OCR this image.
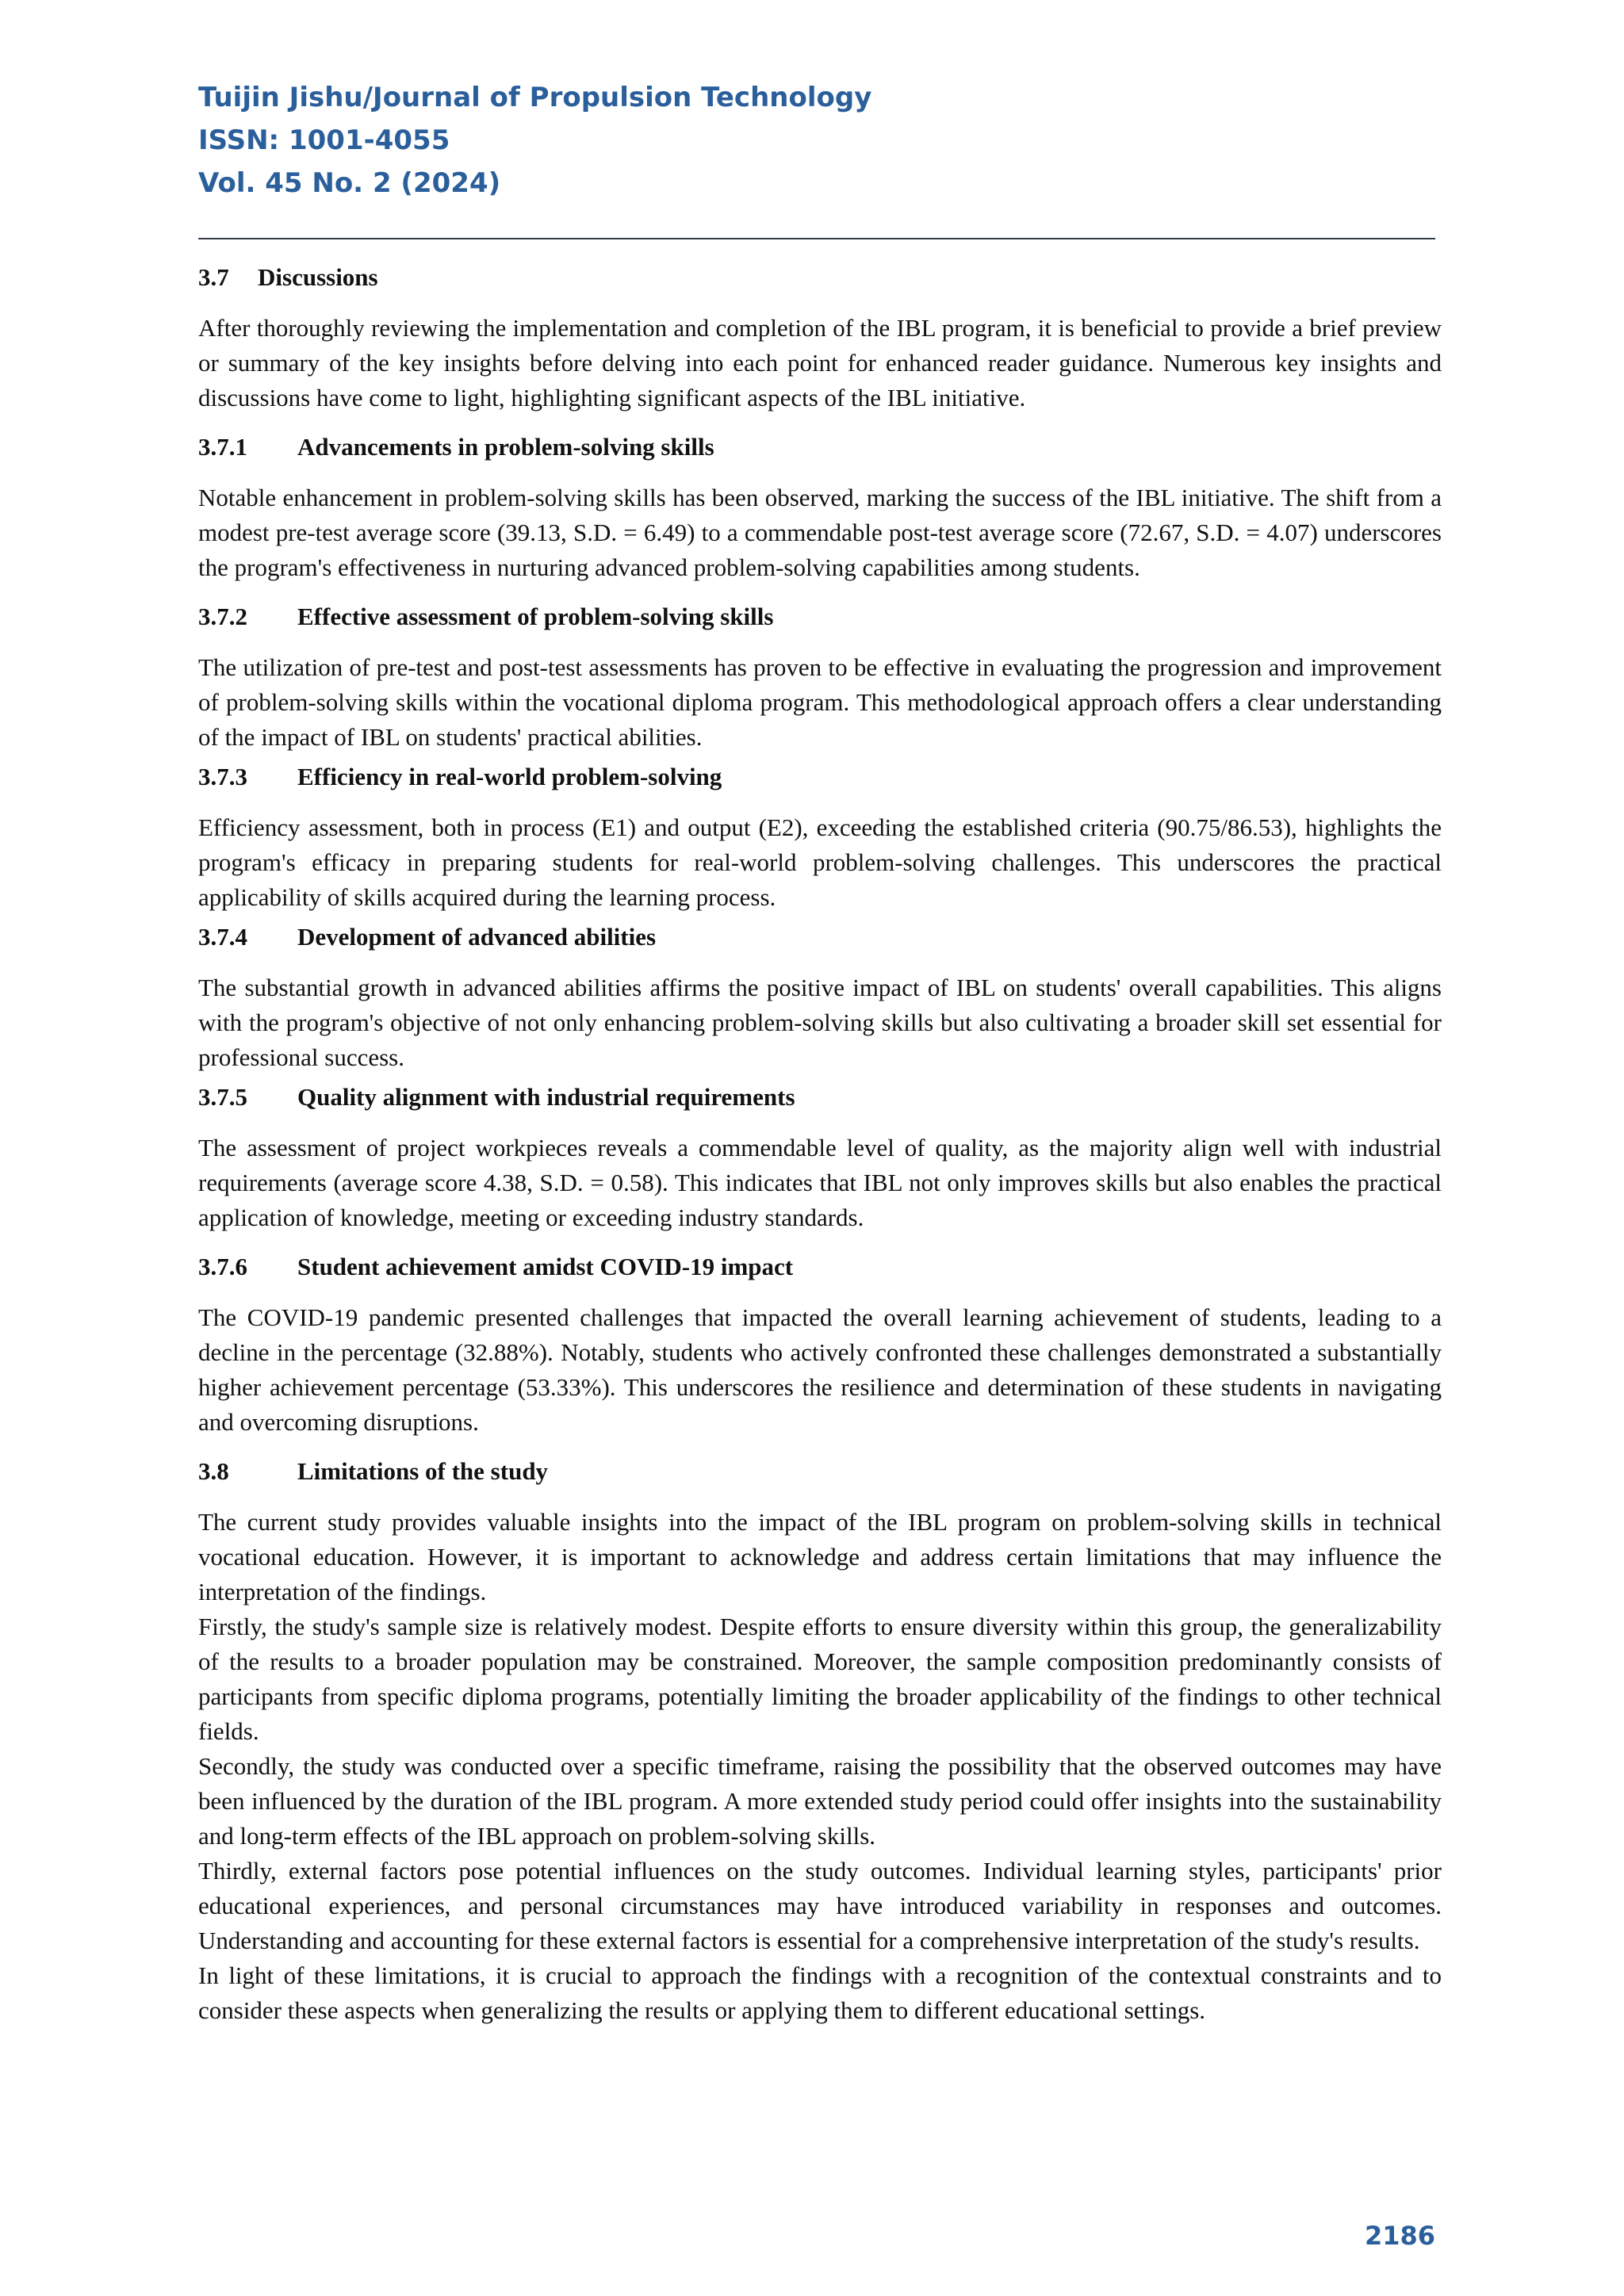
Tuijin Jishu/Journal of Propulsion Technology
ISSN: 1001-4055
Vol. 45 No. 2 (2024)
3.7 Discussions

After thoroughly reviewing the implementation and completion of the IBL program, it is beneficial to provide a brief preview or summary of the key insights before delving into each point for enhanced reader guidance. Numerous key insights and discussions have come to light, highlighting significant aspects of the IBL initiative.

3.7.1 Advancements in problem-solving skills

Notable enhancement in problem-solving skills has been observed, marking the success of the IBL initiative. The shift from a modest pre-test average score (39.13, S.D. = 6.49) to a commendable post-test average score (72.67, S.D. = 4.07) underscores the program's effectiveness in nurturing advanced problem-solving capabilities among students.

3.7.2 Effective assessment of problem-solving skills

The utilization of pre-test and post-test assessments has proven to be effective in evaluating the progression and improvement of problem-solving skills within the vocational diploma program. This methodological approach offers a clear understanding of the impact of IBL on students' practical abilities.

3.7.3 Efficiency in real-world problem-solving

Efficiency assessment, both in process (E1) and output (E2), exceeding the established criteria (90.75/86.53), highlights the program's efficacy in preparing students for real-world problem-solving challenges. This underscores the practical applicability of skills acquired during the learning process.

3.7.4 Development of advanced abilities

The substantial growth in advanced abilities affirms the positive impact of IBL on students' overall capabilities. This aligns with the program's objective of not only enhancing problem-solving skills but also cultivating a broader skill set essential for professional success.

3.7.5 Quality alignment with industrial requirements

The assessment of project workpieces reveals a commendable level of quality, as the majority align well with industrial requirements (average score 4.38, S.D. = 0.58). This indicates that IBL not only improves skills but also enables the practical application of knowledge, meeting or exceeding industry standards.

3.7.6 Student achievement amidst COVID-19 impact

The COVID-19 pandemic presented challenges that impacted the overall learning achievement of students, leading to a decline in the percentage (32.88%). Notably, students who actively confronted these challenges demonstrated a substantially higher achievement percentage (53.33%). This underscores the resilience and determination of these students in navigating and overcoming disruptions.

3.8	Limitations of the study

The current study provides valuable insights into the impact of the IBL program on problem-solving skills in technical vocational education. However, it is important to acknowledge and address certain limitations that may influence the interpretation of the findings.

Firstly, the study's sample size is relatively modest. Despite efforts to ensure diversity within this group, the generalizability of the results to a broader population may be constrained. Moreover, the sample composition predominantly consists of participants from specific diploma programs, potentially limiting the broader applicability of the findings to other technical fields.

Secondly, the study was conducted over a specific timeframe, raising the possibility that the observed outcomes may have been influenced by the duration of the IBL program. A more extended study period could offer insights into the sustainability and long-term effects of the IBL approach on problem-solving skills.

Thirdly, external factors pose potential influences on the study outcomes. Individual learning styles, participants' prior educational experiences, and personal circumstances may have introduced variability in responses and outcomes. Understanding and accounting for these external factors is essential for a comprehensive interpretation of the study's results.

In light of these limitations, it is crucial to approach the findings with a recognition of the contextual constraints and to consider these aspects when generalizing the results or applying them to different educational settings.

2186
